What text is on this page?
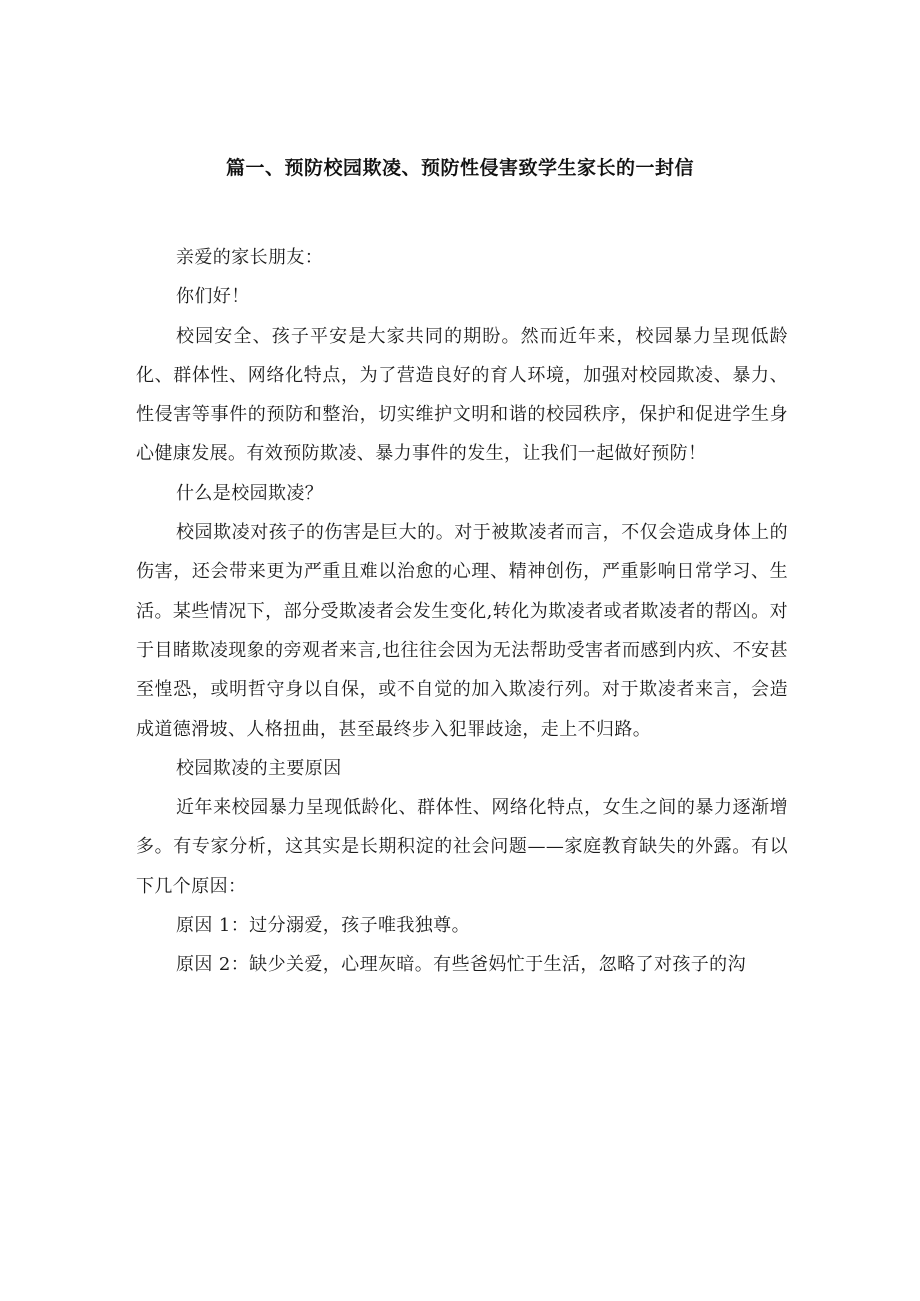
篇一、预防校园欺凌、预防性侵害致学生家长的一封信

亲爱的家长朋友：

你们好！

校园安全、孩子平安是大家共同的期盼。然而近年来，校园暴力呈现低龄化、群体性、网络化特点，为了营造良好的育人环境，加强对校园欺凌、暴力、性侵害等事件的预防和整治，切实维护文明和谐的校园秩序，保护和促进学生身心健康发展。有效预防欺凌、暴力事件的发生，让我们一起做好预防！

什么是校园欺凌？

校园欺凌对孩子的伤害是巨大的。对于被欺凌者而言，不仅会造成身体上的伤害，还会带来更为严重且难以治愈的心理、精神创伤，严重影响日常学习、生活。某些情况下，部分受欺凌者会发生变化,转化为欺凌者或者欺凌者的帮凶。对于目睹欺凌现象的旁观者来言,也往往会因为无法帮助受害者而感到内疚、不安甚至惶恐，或明哲守身以自保，或不自觉的加入欺凌行列。对于欺凌者来言，会造成道德滑坡、人格扭曲，甚至最终步入犯罪歧途，走上不归路。

校园欺凌的主要原因

近年来校园暴力呈现低龄化、群体性、网络化特点，女生之间的暴力逐渐增多。有专家分析，这其实是长期积淀的社会问题——家庭教育缺失的外露。有以下几个原因：

原因 1：过分溺爱，孩子唯我独尊。

原因 2：缺少关爱，心理灰暗。有些爸妈忙于生活，忽略了对孩子的沟
